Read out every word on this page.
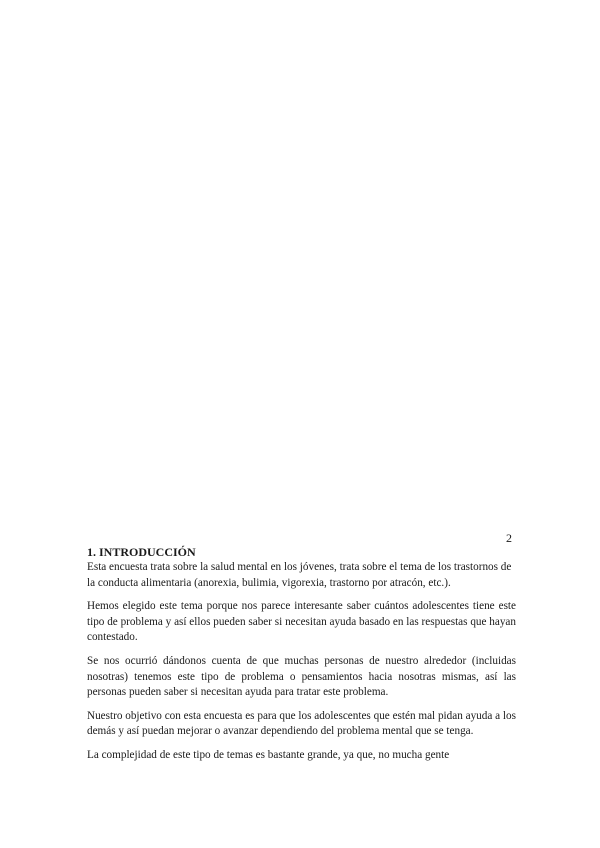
2
1. INTRODUCCIÓN

Esta encuesta trata sobre la salud mental en los jóvenes, trata sobre el tema de los trastornos de la conducta alimentaria (anorexia, bulimia, vigorexia, trastorno por atracón, etc.).

Hemos elegido este tema porque nos parece interesante saber cuántos adolescentes tiene este tipo de problema y así ellos pueden saber si necesitan ayuda basado en las respuestas que hayan contestado.

Se nos ocurrió dándonos cuenta de que muchas personas de nuestro alrededor (incluidas nosotras) tenemos este tipo de problema o pensamientos hacia nosotras mismas, así las personas pueden saber si necesitan ayuda para tratar este problema.

Nuestro objetivo con esta encuesta es para que los adolescentes que estén mal pidan ayuda a los demás y así puedan mejorar o avanzar dependiendo del problema mental que se tenga.

La complejidad de este tipo de temas es bastante grande, ya que, no mucha gente
